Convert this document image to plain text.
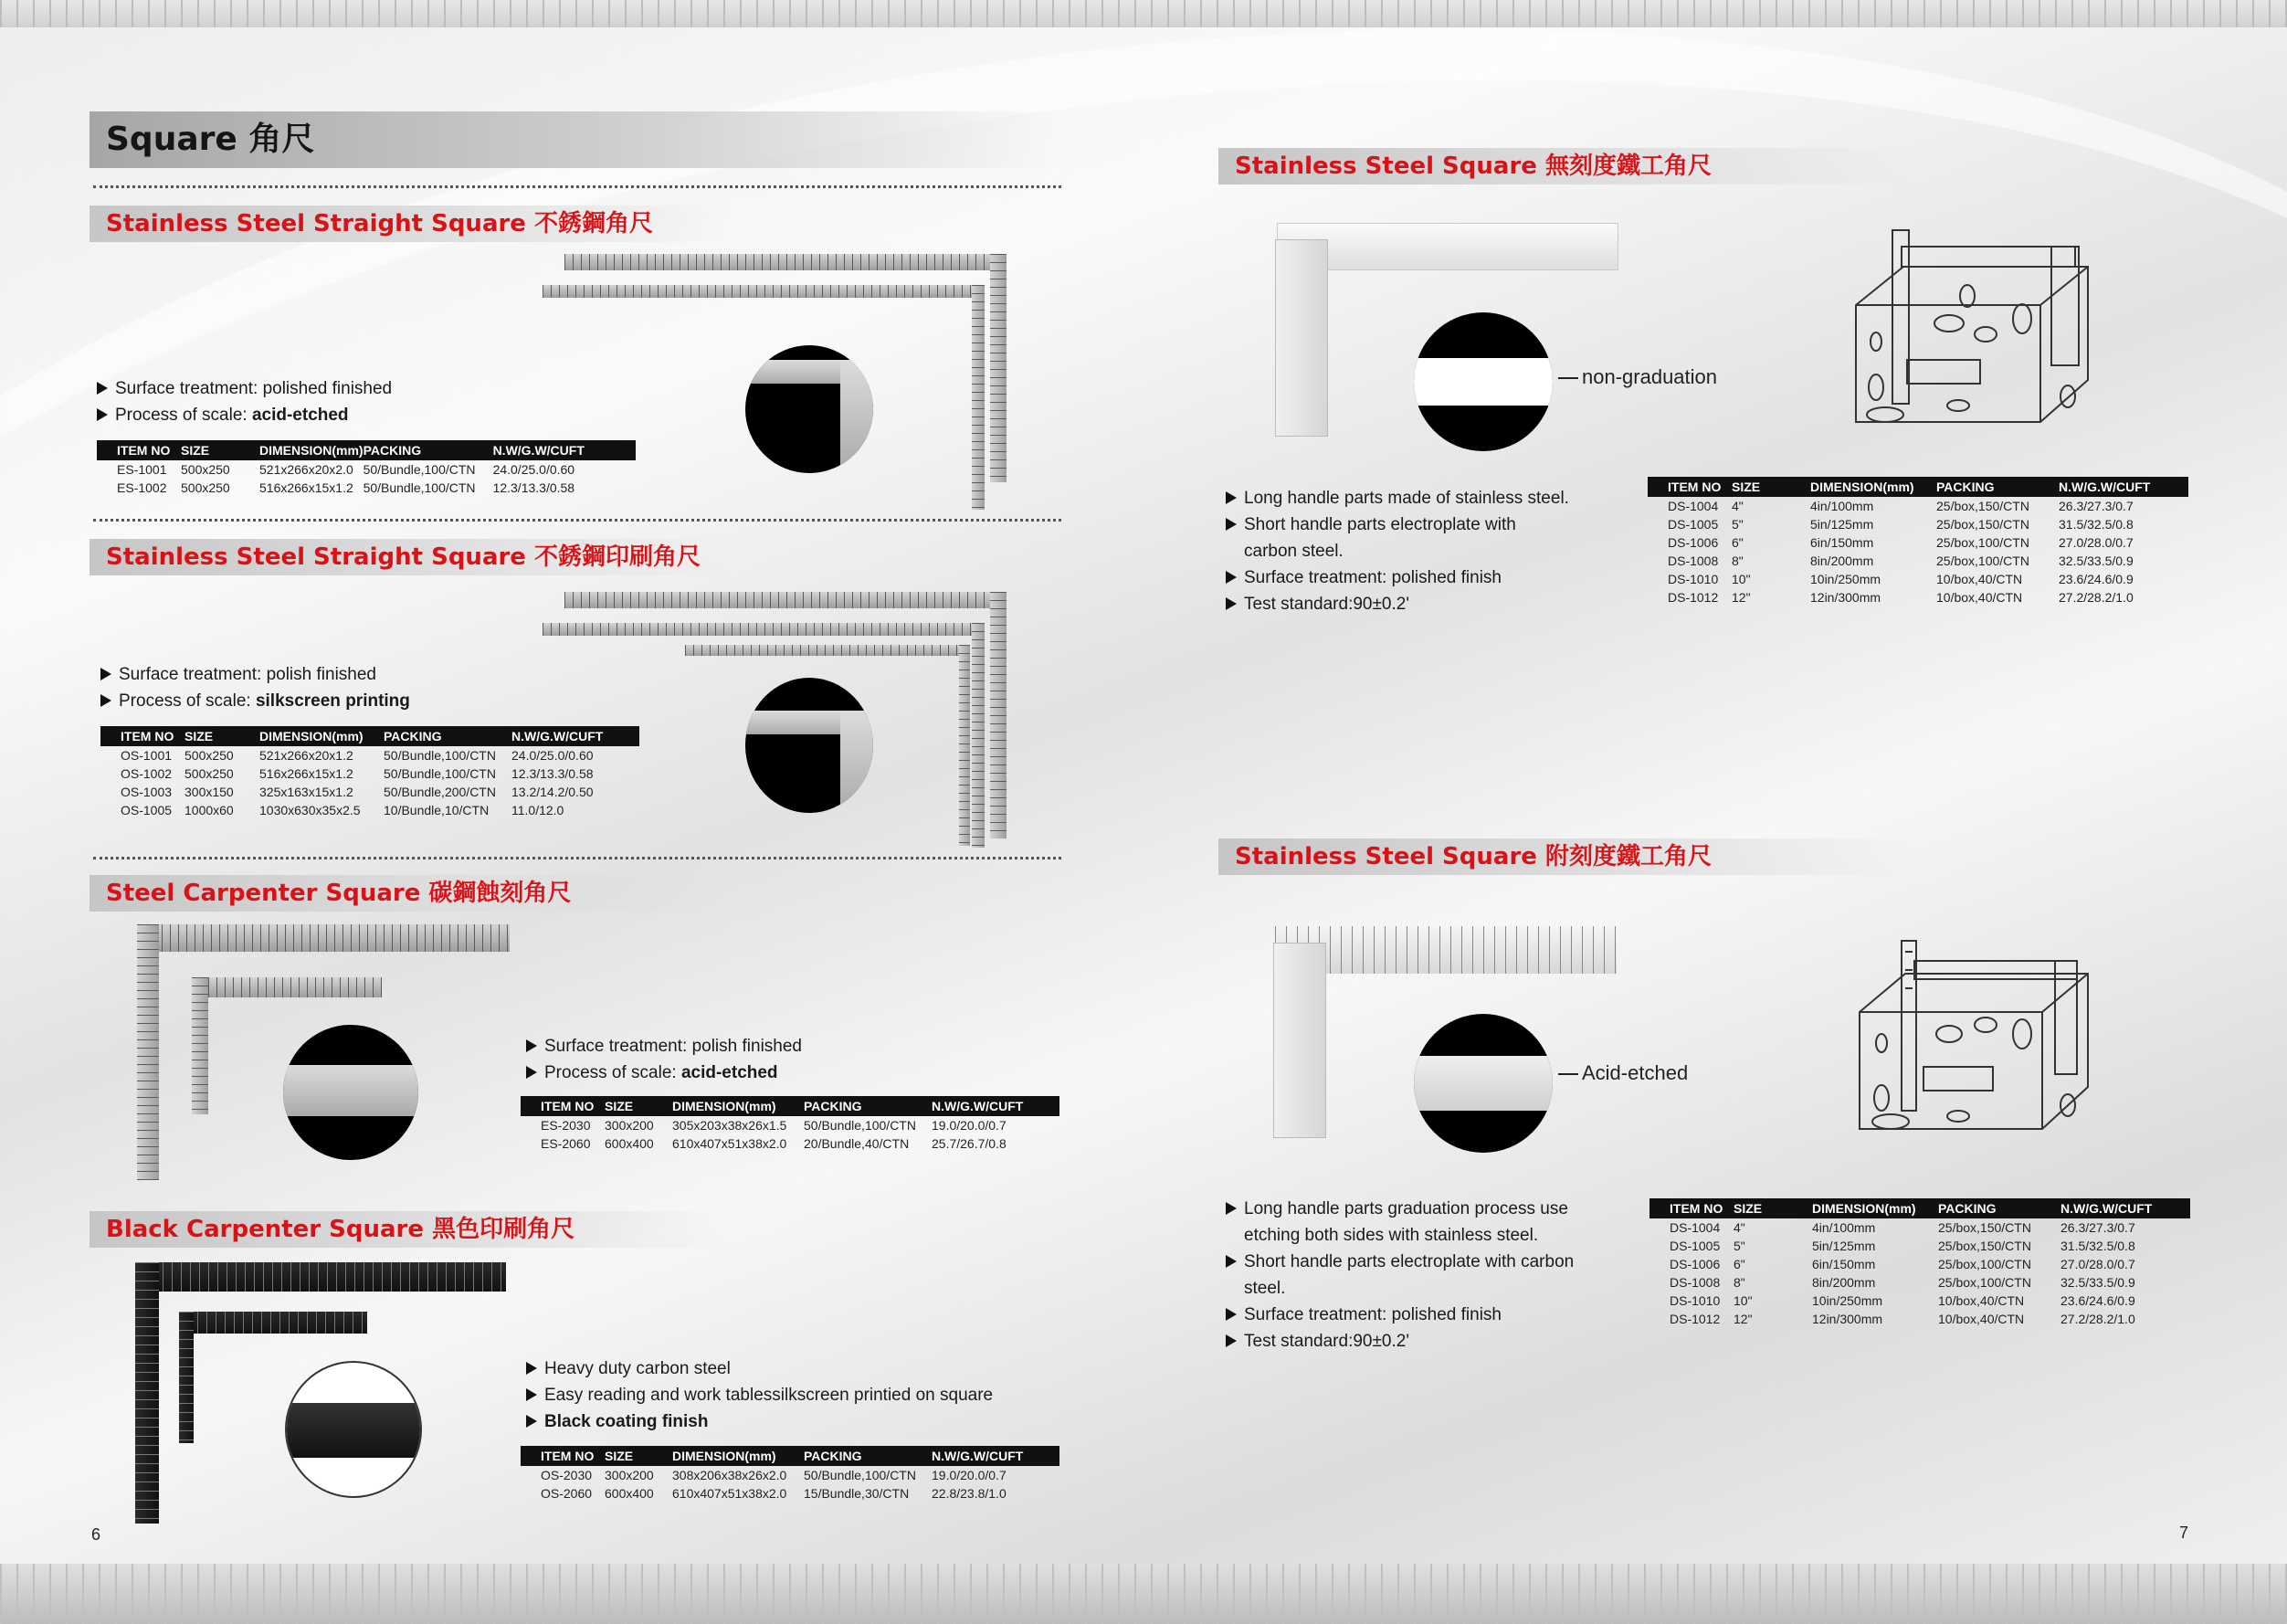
Square 角尺
Stainless Steel Straight Square 不銹鋼角尺
Surface treatment: polished finished
Process of scale: acid-etched
ITEM NO	SIZE	DIMENSION(mm)	PACKING	N.W/G.W/CUFT
ES-1001	500x250	521x266x20x2.0	50/Bundle,100/CTN	24.0/25.0/0.60
ES-1002	500x250	516x266x15x1.2	50/Bundle,100/CTN	12.3/13.3/0.58
Stainless Steel Straight Square 不銹鋼印刷角尺
Surface treatment: polish finished
Process of scale: silkscreen printing
ITEM NO	SIZE	DIMENSION(mm)	PACKING	N.W/G.W/CUFT
OS-1001	500x250	521x266x20x1.2	50/Bundle,100/CTN	24.0/25.0/0.60
OS-1002	500x250	516x266x15x1.2	50/Bundle,100/CTN	12.3/13.3/0.58
OS-1003	300x150	325x163x15x1.2	50/Bundle,200/CTN	13.2/14.2/0.50
OS-1005	1000x60	1030x630x35x2.5	10/Bundle,10/CTN	11.0/12.0
Steel Carpenter Square 碳鋼蝕刻角尺
Surface treatment: polish finished
Process of scale: acid-etched
ITEM NO	SIZE	DIMENSION(mm)	PACKING	N.W/G.W/CUFT
ES-2030	300x200	305x203x38x26x1.5	50/Bundle,100/CTN	19.0/20.0/0.7
ES-2060	600x400	610x407x51x38x2.0	20/Bundle,40/CTN	25.7/26.7/0.8
Black Carpenter Square 黑色印刷角尺
Heavy duty carbon steel
Easy reading and work tablessilkscreen printied on square
Black coating finish
ITEM NO	SIZE	DIMENSION(mm)	PACKING	N.W/G.W/CUFT
OS-2030	300x200	308x206x38x26x2.0	50/Bundle,100/CTN	19.0/20.0/0.7
OS-2060	600x400	610x407x51x38x2.0	15/Bundle,30/CTN	22.8/23.8/1.0
6
Stainless Steel Square 無刻度鐵工角尺
non-graduation
Long handle parts made of stainless steel.
Short handle parts electroplate with
carbon steel.
Surface treatment: polished finish
Test standard:90±0.2'
ITEM NO	SIZE	DIMENSION(mm)	PACKING	N.W/G.W/CUFT
DS-1004	4"	4in/100mm	25/box,150/CTN	26.3/27.3/0.7
DS-1005	5"	5in/125mm	25/box,150/CTN	31.5/32.5/0.8
DS-1006	6"	6in/150mm	25/box,100/CTN	27.0/28.0/0.7
DS-1008	8"	8in/200mm	25/box,100/CTN	32.5/33.5/0.9
DS-1010	10"	10in/250mm	10/box,40/CTN	23.6/24.6/0.9
DS-1012	12"	12in/300mm	10/box,40/CTN	27.2/28.2/1.0
Stainless Steel Square 附刻度鐵工角尺
Acid-etched
Long handle parts graduation process use
etching both sides with stainless steel.
Short handle parts electroplate with carbon
steel.
Surface treatment: polished finish
Test standard:90±0.2'
ITEM NO	SIZE	DIMENSION(mm)	PACKING	N.W/G.W/CUFT
DS-1004	4"	4in/100mm	25/box,150/CTN	26.3/27.3/0.7
DS-1005	5"	5in/125mm	25/box,150/CTN	31.5/32.5/0.8
DS-1006	6"	6in/150mm	25/box,100/CTN	27.0/28.0/0.7
DS-1008	8"	8in/200mm	25/box,100/CTN	32.5/33.5/0.9
DS-1010	10"	10in/250mm	10/box,40/CTN	23.6/24.6/0.9
DS-1012	12"	12in/300mm	10/box,40/CTN	27.2/28.2/1.0
7
